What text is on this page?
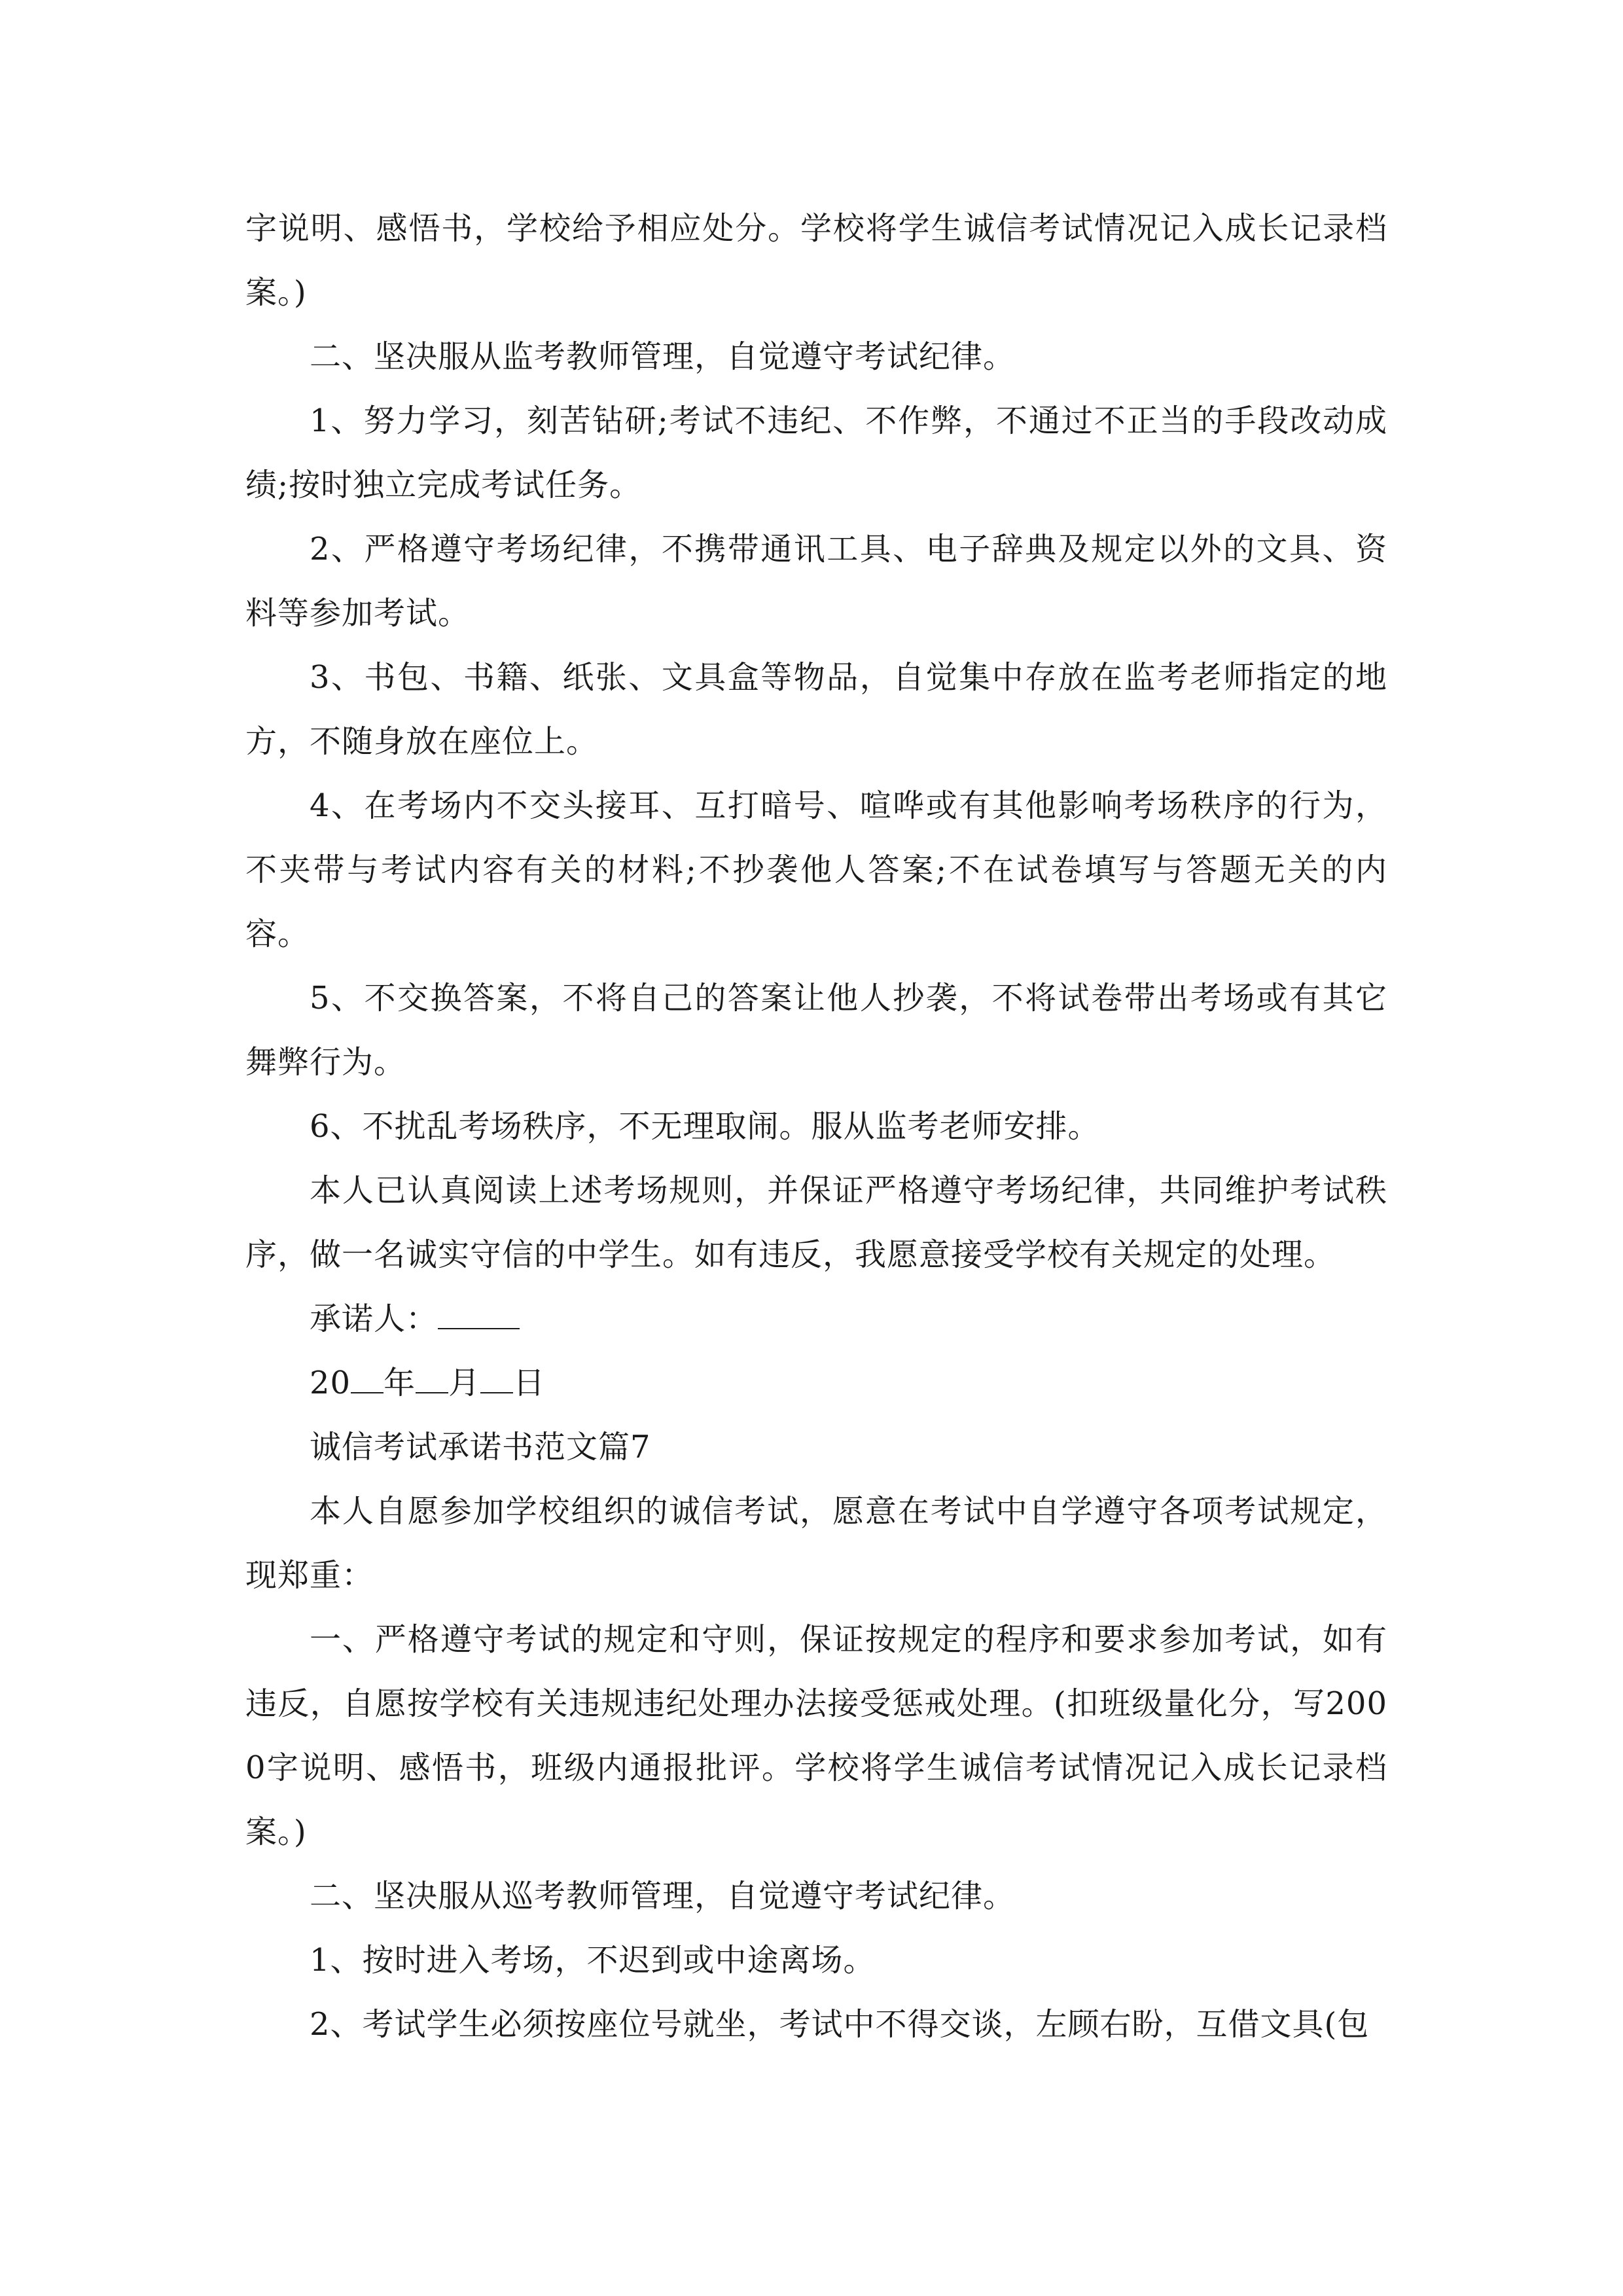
字说明、感悟书，学校给予相应处分。学校将学生诚信考试情况记入成长记录档案。)

二、坚决服从监考教师管理，自觉遵守考试纪律。

1、努力学习，刻苦钻研;考试不违纪、不作弊，不通过不正当的手段改动成绩;按时独立完成考试任务。

2、严格遵守考场纪律，不携带通讯工具、电子辞典及规定以外的文具、资料等参加考试。

3、书包、书籍、纸张、文具盒等物品，自觉集中存放在监考老师指定的地方，不随身放在座位上。

4、在考场内不交头接耳、互打暗号、喧哗或有其他影响考场秩序的行为，不夹带与考试内容有关的材料;不抄袭他人答案;不在试卷填写与答题无关的内容。

5、不交换答案，不将自己的答案让他人抄袭，不将试卷带出考场或有其它舞弊行为。

6、不扰乱考场秩序，不无理取闹。服从监考老师安排。

本人已认真阅读上述考场规则，并保证严格遵守考场纪律，共同维护考试秩序，做一名诚实守信的中学生。如有违反，我愿意接受学校有关规定的处理。

承诺人：

20 年 月 日

诚信考试承诺书范文篇7

本人自愿参加学校组织的诚信考试，愿意在考试中自学遵守各项考试规定，现郑重：

一、严格遵守考试的规定和守则，保证按规定的程序和要求参加考试，如有违反，自愿按学校有关违规违纪处理办法接受惩戒处理。(扣班级量化分，写2000字说明、感悟书，班级内通报批评。学校将学生诚信考试情况记入成长记录档案。)

二、坚决服从巡考教师管理，自觉遵守考试纪律。

1、按时进入考场，不迟到或中途离场。

2、考试学生必须按座位号就坐，考试中不得交谈，左顾右盼，互借文具(包
